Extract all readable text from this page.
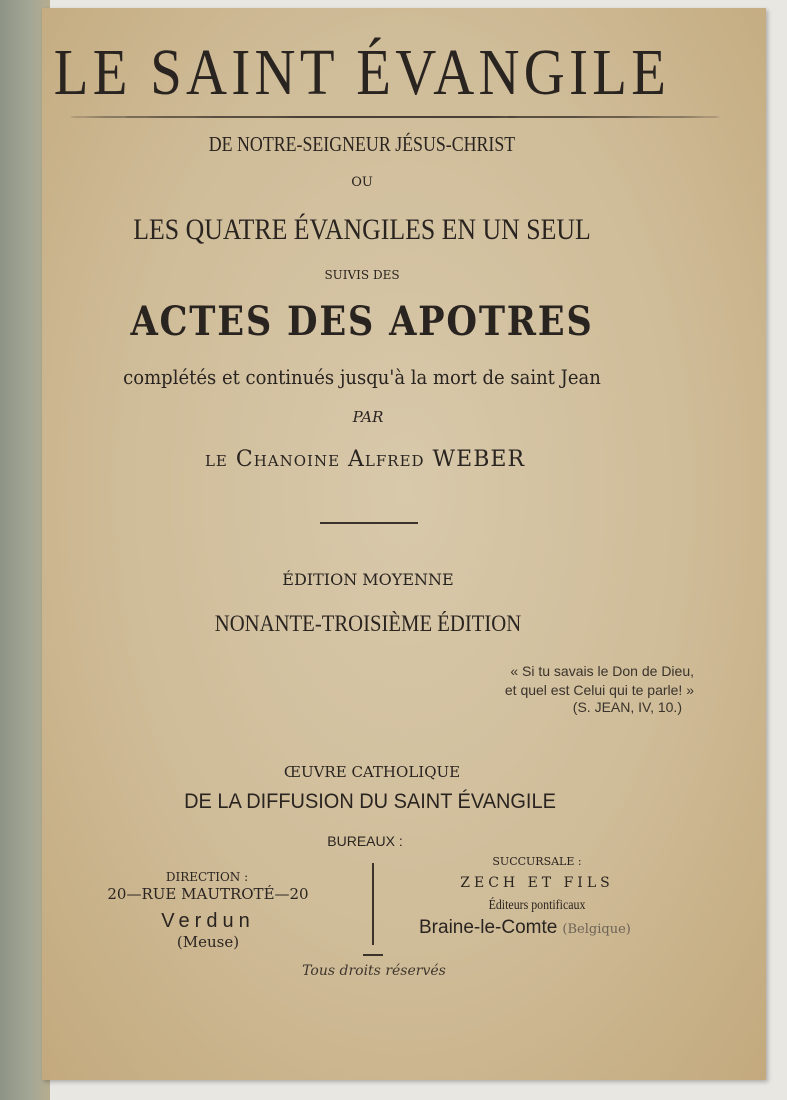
LE SAINT ÉVANGILE
DE NOTRE-SEIGNEUR JÉSUS-CHRIST
OU
LES QUATRE ÉVANGILES EN UN SEUL
SUIVIS DES
ACTES DES APOTRES
complétés et continués jusqu'à la mort de saint Jean
PAR
le Chanoine Alfred WEBER
ÉDITION MOYENNE
NONANTE-TROISIÈME ÉDITION
« Si tu savais le Don de Dieu,
et quel est Celui qui te parle! »
(S. JEAN, IV, 10.)
ŒUVRE CATHOLIQUE
DE LA DIFFUSION DU SAINT ÉVANGILE
BUREAUX :
DIRECTION :
20—RUE MAUTROTÉ—20
Verdun
(Meuse)
SUCCURSALE :
ZECH ET FILS
Éditeurs pontificaux
Braine-le-Comte (Belgique)
Tous droits réservés
